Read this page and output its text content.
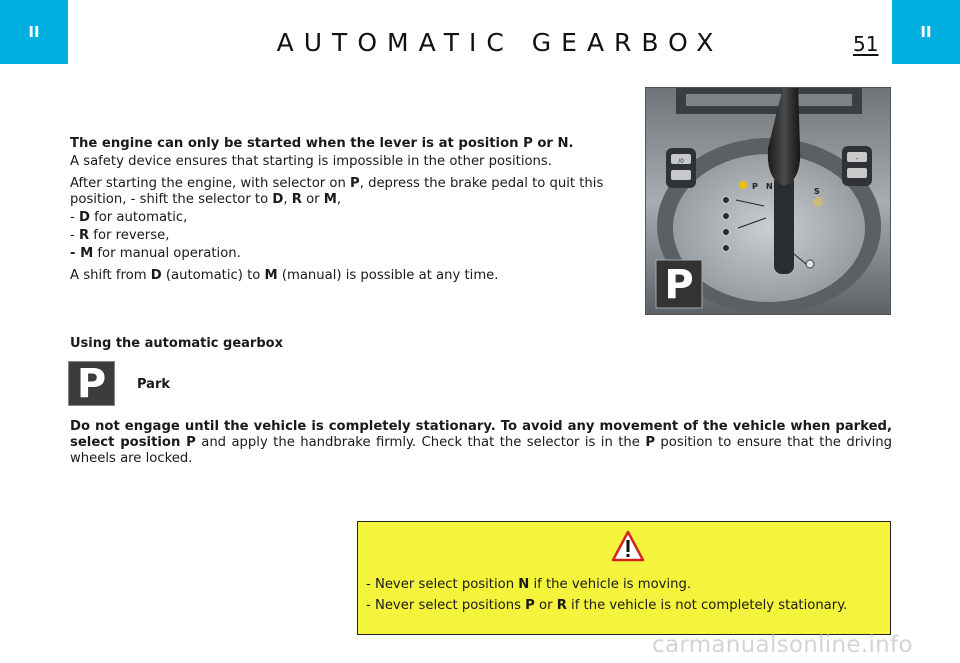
II	II
AUTOMATIC GEARBOX	51

The engine can only be started when the lever is at position P or N.

A safety device ensures that starting is impossible in the other positions.

After starting the engine, with selector on P, depress the brake pedal to quit this position, - shift the selector to D, R or M,

- D for automatic,

- R for reverse,

- M for manual operation.

A shift from D (automatic) to M (manual) is possible at any time.

/0	-
P N
S
P
Using the automatic gearbox
P	Park
Do not engage until the vehicle is completely stationary. To avoid any movement of the vehicle when parked, select position P and apply the handbrake firmly. Check that the selector is in the P position to ensure that the driving wheels are locked.
- Never select position N if the vehicle is moving.
- Never select positions P or R if the vehicle is not completely stationary.
carmanualsonline.info
